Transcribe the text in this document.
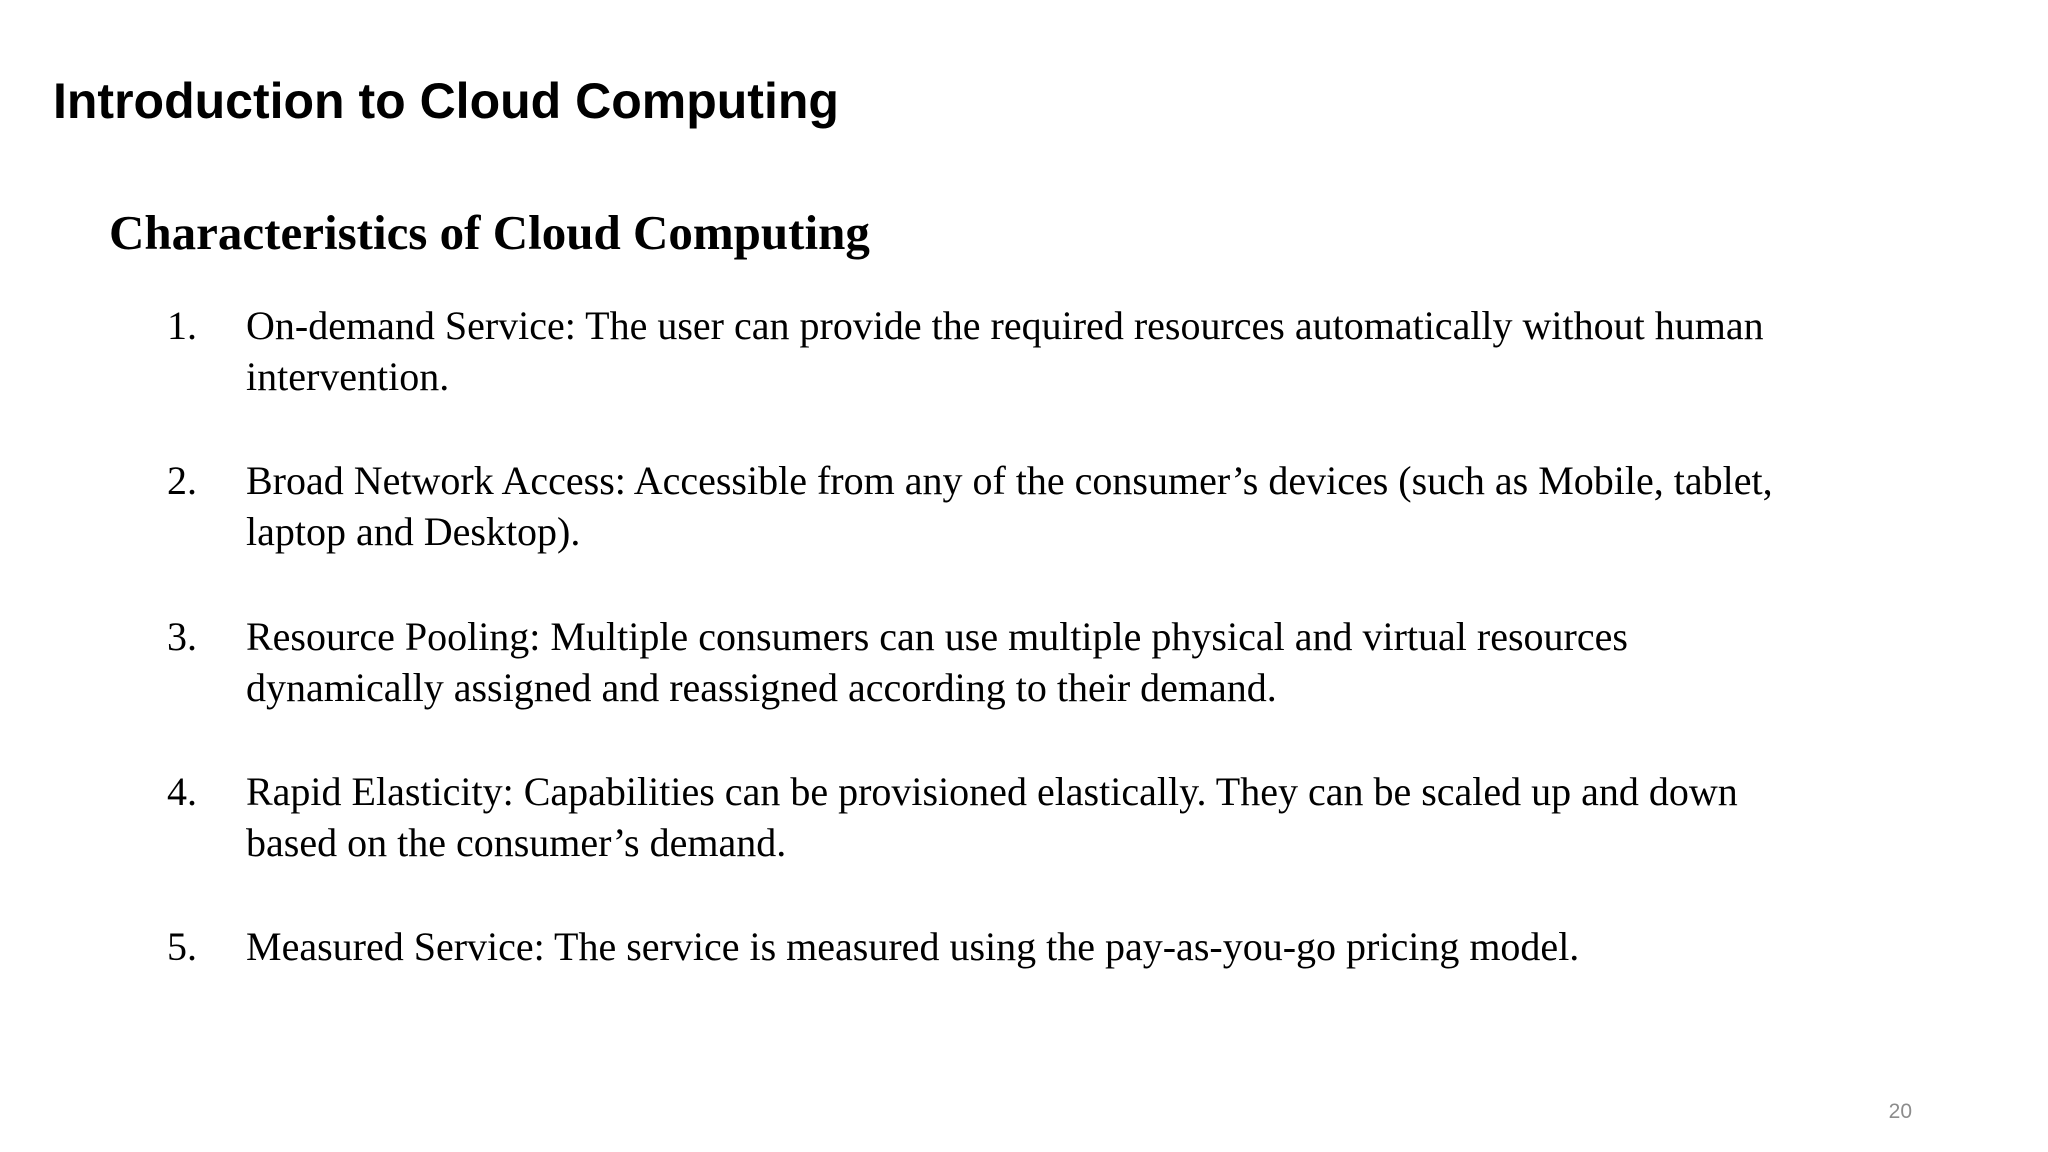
Introduction to Cloud Computing
Characteristics of Cloud Computing
1. On-demand Service: The user can provide the required resources automatically without human intervention.

2. Broad Network Access: Accessible from any of the consumer’s devices (such as Mobile, tablet, laptop and Desktop).

3. Resource Pooling: Multiple consumers can use multiple physical and virtual resources dynamically assigned and reassigned according to their demand.

4. Rapid Elasticity: Capabilities can be provisioned elastically. They can be scaled up and down based on the consumer’s demand.

5. Measured Service: The service is measured using the pay-as-you-go pricing model.

20
